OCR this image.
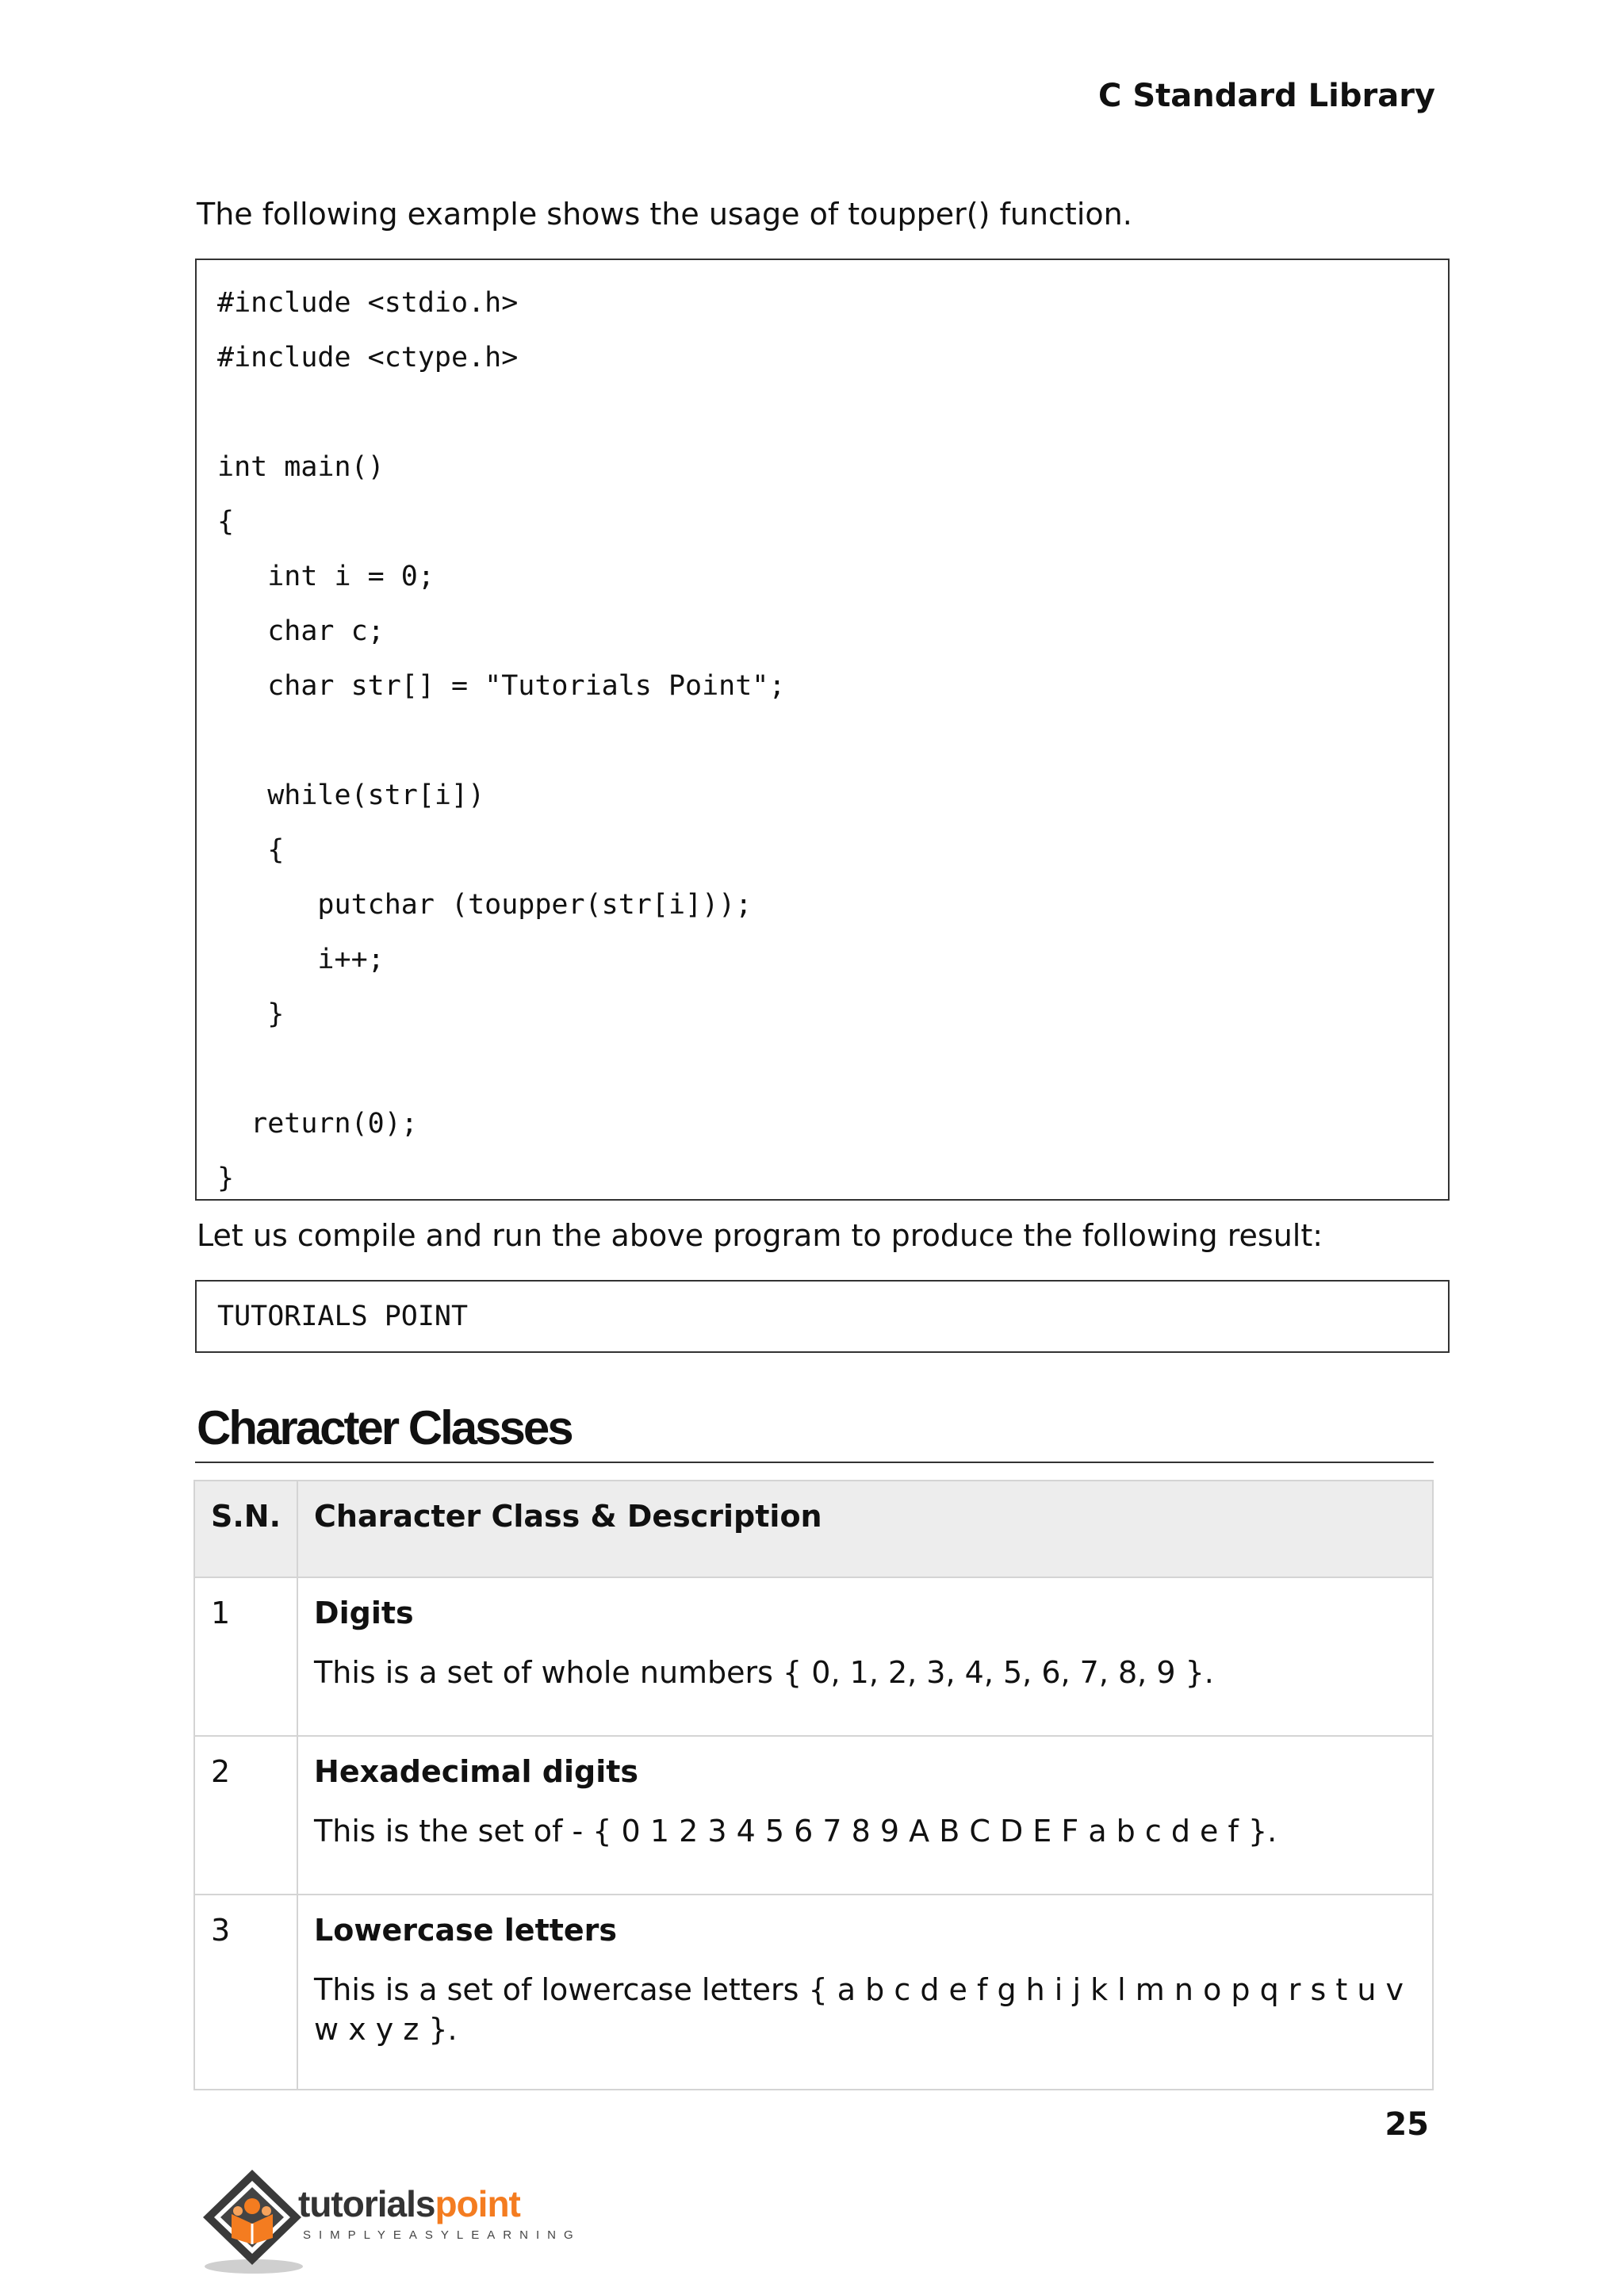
C Standard Library
The following example shows the usage of toupper() function.
#include <stdio.h>
#include <ctype.h>
int main()
{
int i = 0;
char c;
char str[] = "Tutorials Point";
while(str[i])
{
putchar (toupper(str[i]));
i++;
}
return(0);
}
Let us compile and run the above program to produce the following result:
TUTORIALS POINT
Character Classes
S.N.	Character Class & Description
1	Digits
This is a set of whole numbers { 0, 1, 2, 3, 4, 5, 6, 7, 8, 9 }.

2	Hexadecimal digits
This is the set of - { 0 1 2 3 4 5 6 7 8 9 A B C D E F a b c d e f }.

3	Lowercase letters
This is a set of lowercase letters { a b c d e f g h i j k l m n o p q r s t u v w x y z }.
25
tutorialspoint
SIMPLYEASYLEARNING
